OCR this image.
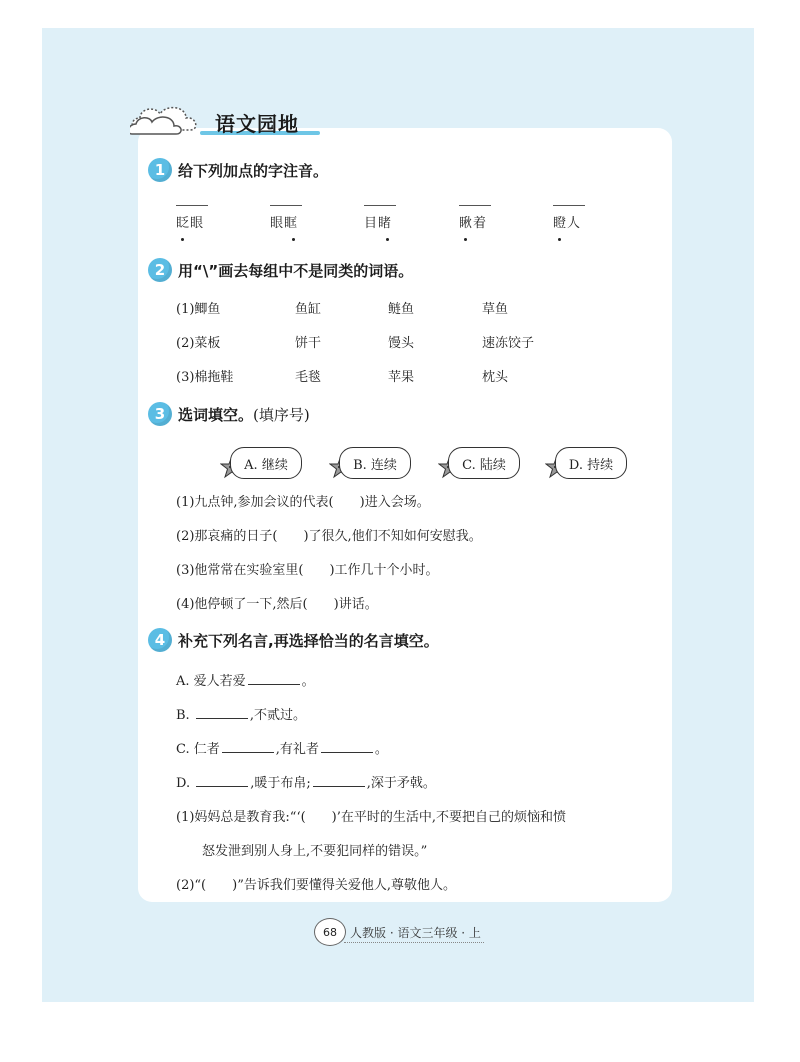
语文园地
1 给下列加点的字注音。
眨眼	眼眶	目睹	瞅着	瞪人
2 用“\”画去每组中不是同类的词语。
(1)鲫鱼	鱼缸	鲢鱼	草鱼
(2)菜板	饼干	馒头	速冻饺子
(3)棉拖鞋	毛毯	苹果	枕头
3 选词填空。(填序号)
A. 继续	B. 连续	C. 陆续	D. 持续
(1)九点钟,参加会议的代表(　　)进入会场。
(2)那哀痛的日子(　　)了很久,他们不知如何安慰我。
(3)他常常在实验室里(　　)工作几十个小时。
(4)他停顿了一下,然后(　　)讲话。
4 补充下列名言,再选择恰当的名言填空。
A. 爱人若爱	。
B.	,不贰过。
C. 仁者	,有礼者	。
D.	,暖于布帛;	,深于矛戟。
(1)妈妈总是教育我:“‘(　　)’在平时的生活中,不要把自己的烦恼和愤
怒发泄到别人身上,不要犯同样的错误。”
(2)“(　　)”告诉我们要懂得关爱他人,尊敬他人。
68	人教版 · 语文三年级 · 上
